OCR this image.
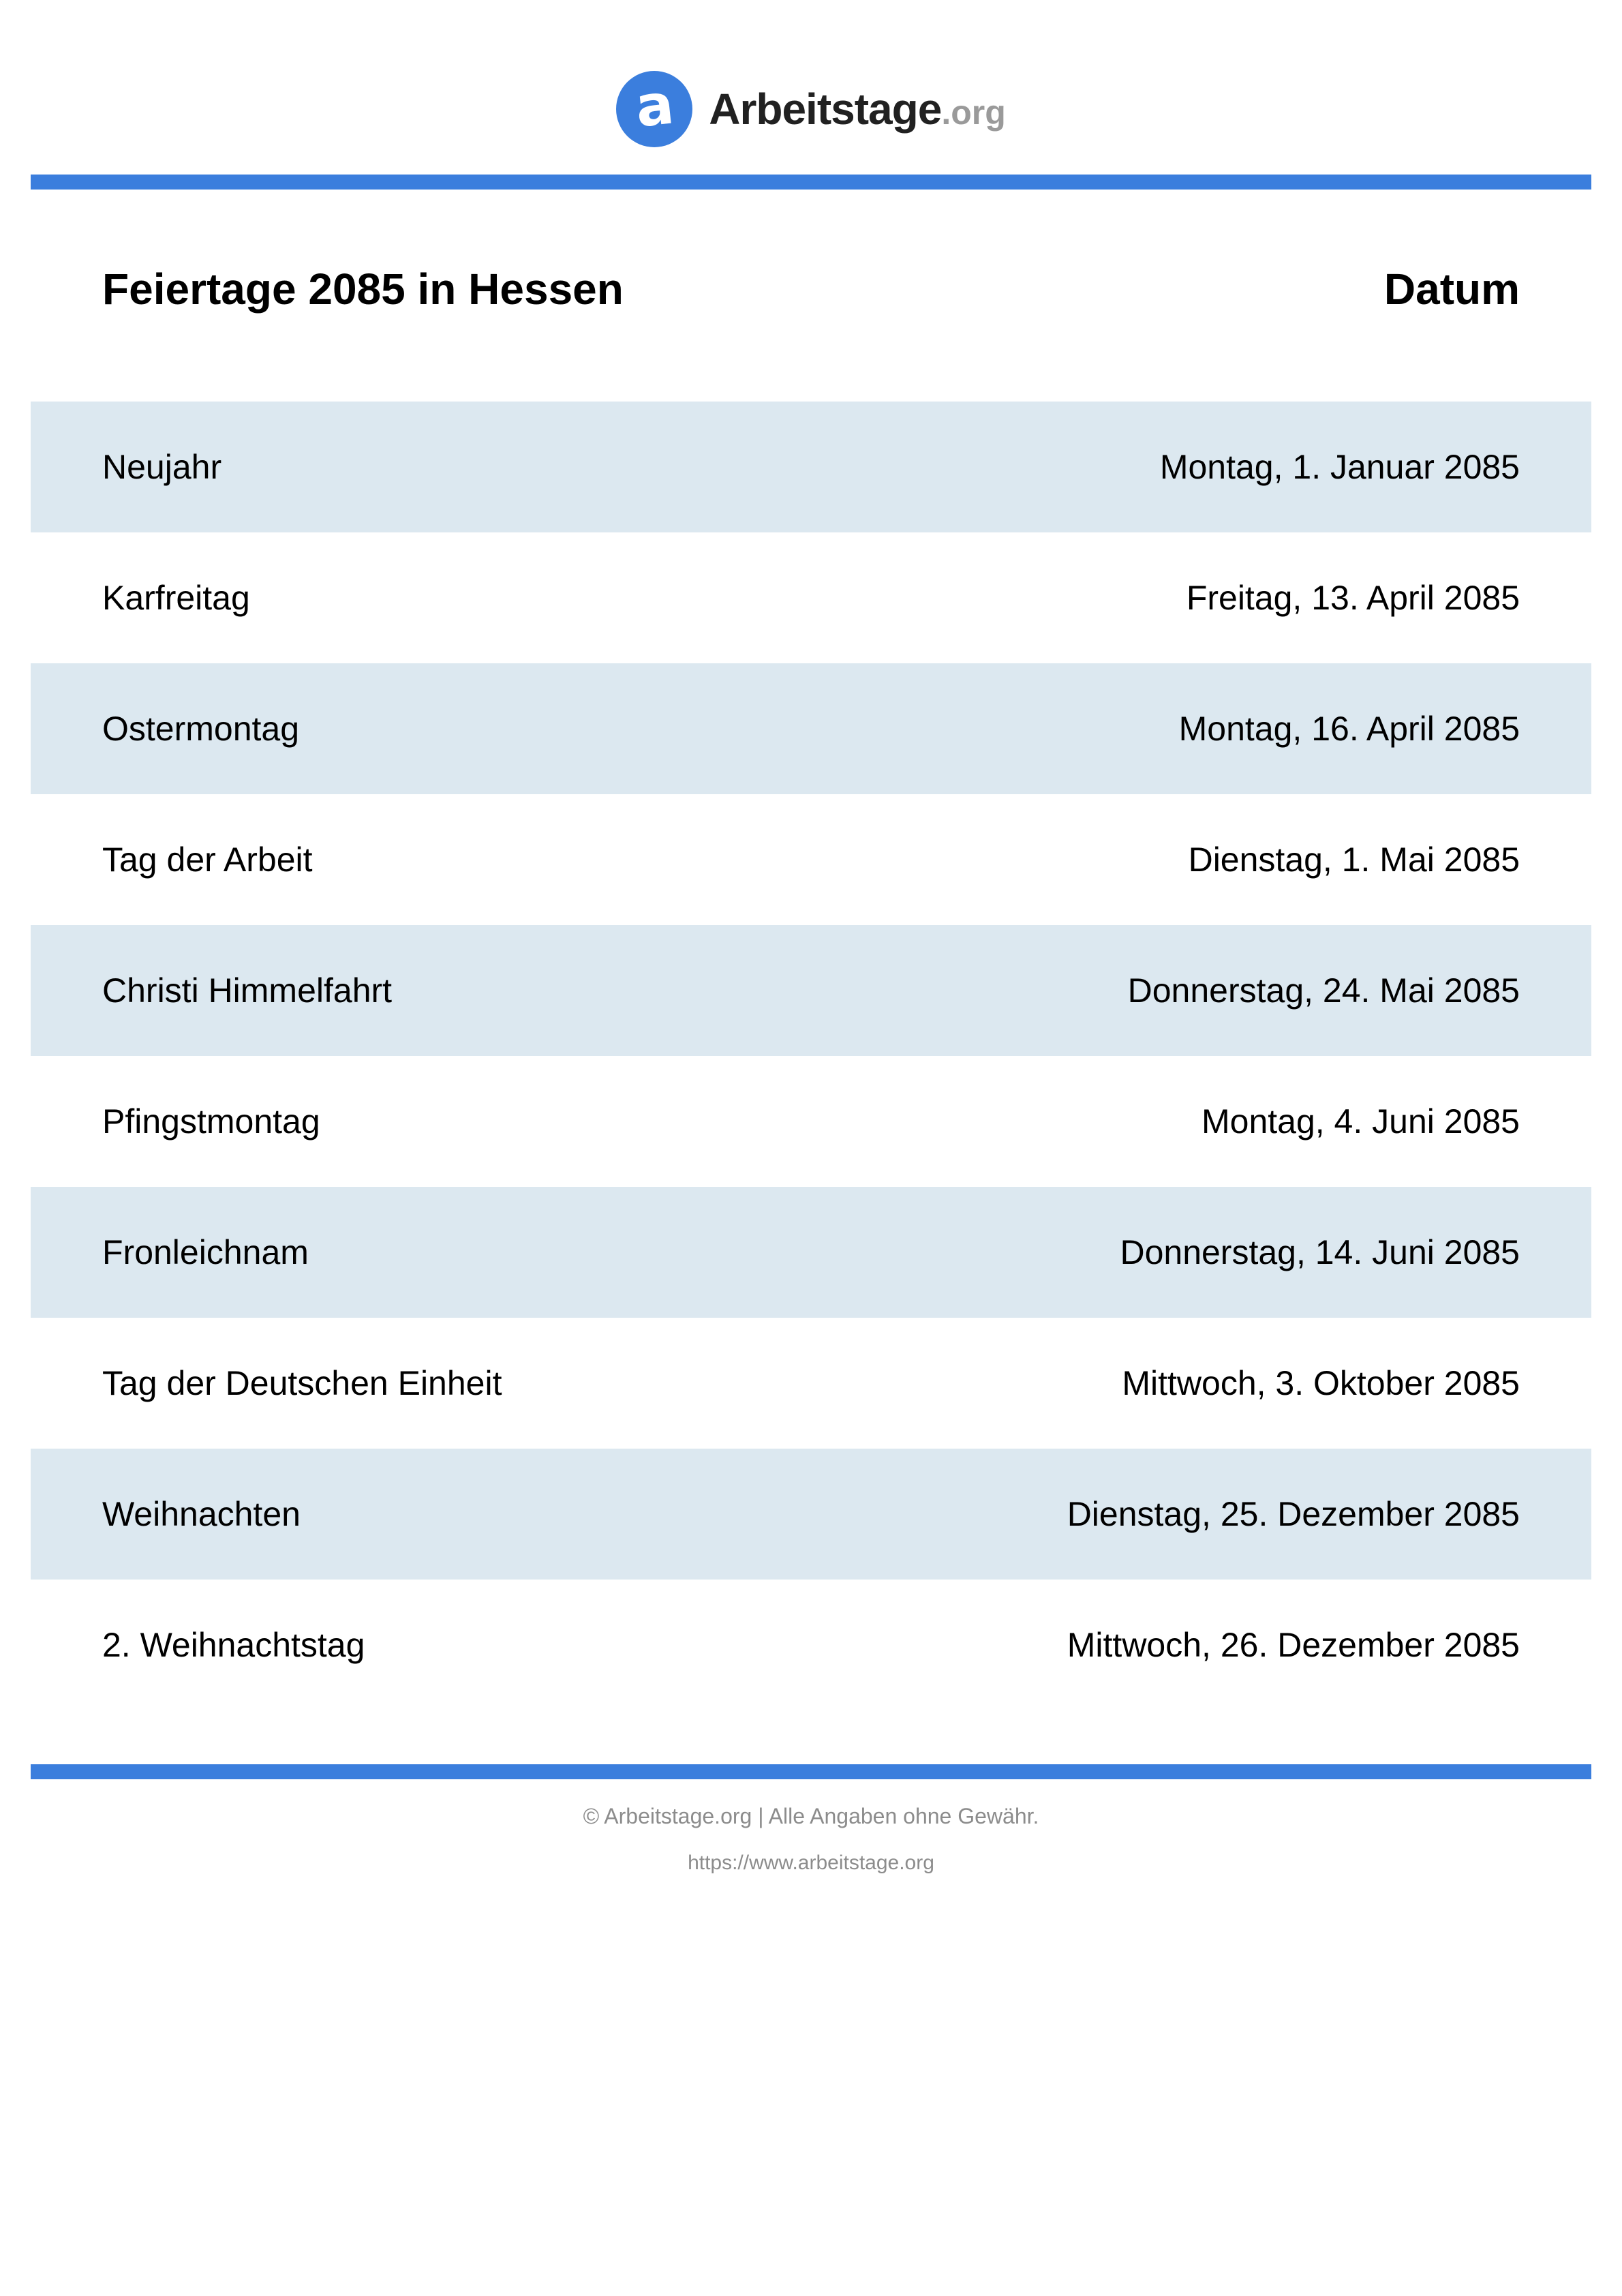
a Arbeitstage .org
Feiertage 2085 in Hessen	Datum
Neujahr	Montag, 1. Januar 2085
Karfreitag	Freitag, 13. April 2085
Ostermontag	Montag, 16. April 2085
Tag der Arbeit	Dienstag, 1. Mai 2085
Christi Himmelfahrt	Donnerstag, 24. Mai 2085
Pfingstmontag	Montag, 4. Juni 2085
Fronleichnam	Donnerstag, 14. Juni 2085
Tag der Deutschen Einheit	Mittwoch, 3. Oktober 2085
Weihnachten	Dienstag, 25. Dezember 2085
2. Weihnachtstag	Mittwoch, 26. Dezember 2085
© Arbeitstage.org | Alle Angaben ohne Gewähr.
https://www.arbeitstage.org
